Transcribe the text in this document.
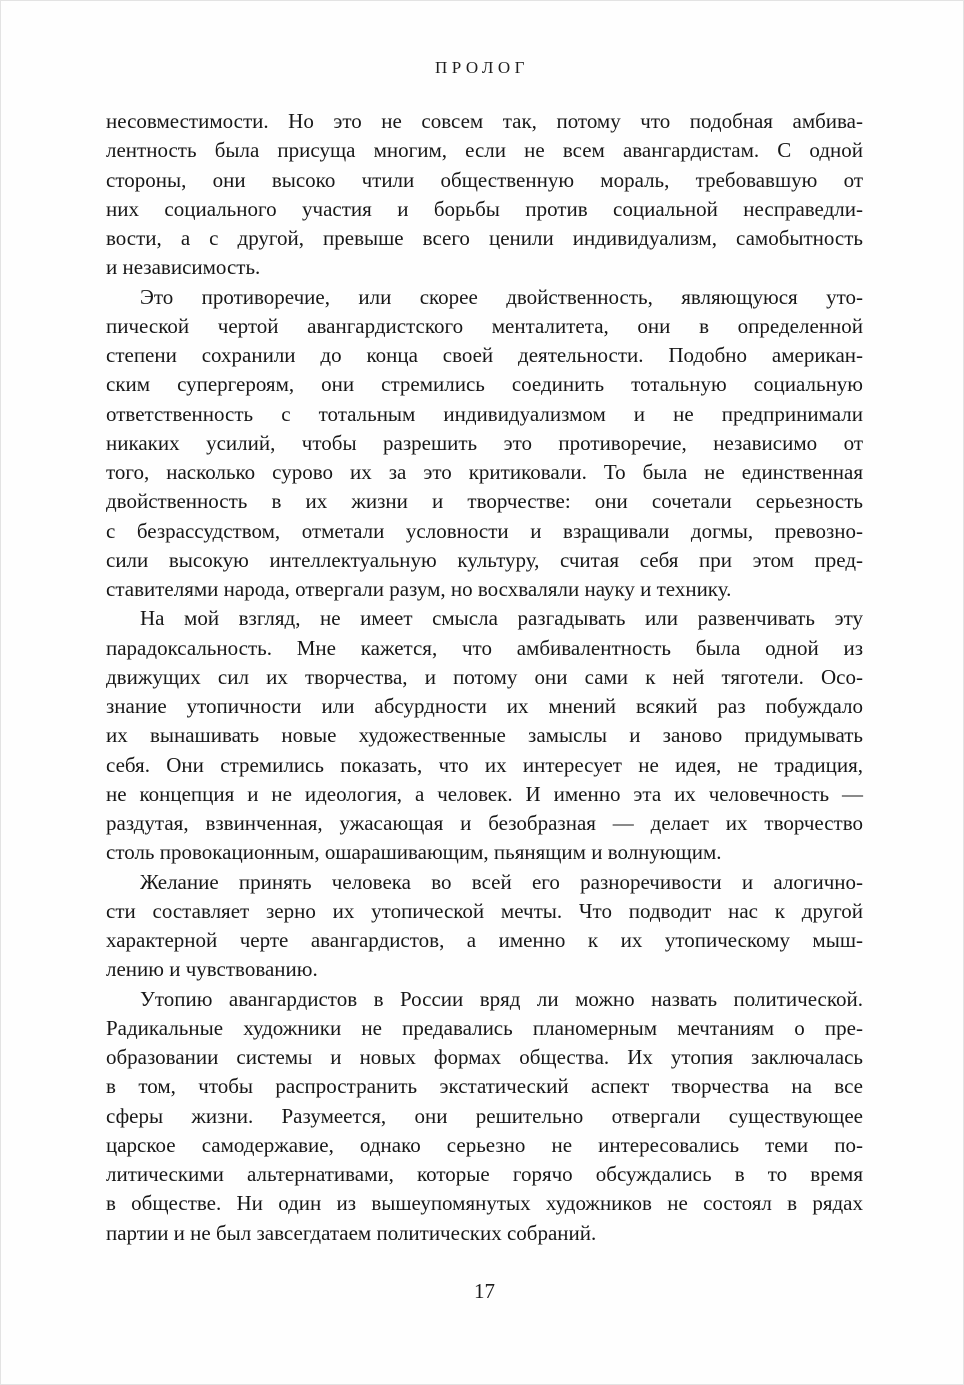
ПРОЛОГ
несовместимости. Но это не совсем так, потому что подобная амбива-
лентность была присуща многим, если не всем авангардистам. С одной
стороны, они высоко чтили общественную мораль, требовавшую от
них социального участия и борьбы против социальной несправедли-
вости, а с другой, превыше всего ценили индивидуализм, самобытность
и независимость.
Это противоречие, или скорее двойственность, являющуюся уто-
пической чертой авангардистского менталитета, они в определенной
степени сохранили до конца своей деятельности. Подобно американ-
ским супергероям, они стремились соединить тотальную социальную
ответственность с тотальным индивидуализмом и не предпринимали
никаких усилий, чтобы разрешить это противоречие, независимо от
того, насколько сурово их за это критиковали. То была не единственная
двойственность в их жизни и творчестве: они сочетали серьезность
с безрассудством, отметали условности и взращивали догмы, превозно-
сили высокую интеллектуальную культуру, считая себя при этом пред-
ставителями народа, отвергали разум, но восхваляли науку и технику.
На мой взгляд, не имеет смысла разгадывать или развенчивать эту
парадоксальность. Мне кажется, что амбивалентность была одной из
движущих сил их творчества, и потому они сами к ней тяготели. Осо-
знание утопичности или абсурдности их мнений всякий раз побуждало
их вынашивать новые художественные замыслы и заново придумывать
себя. Они стремились показать, что их интересует не идея, не традиция,
не концепция и не идеология, а человек. И именно эта их человечность —
раздутая, взвинченная, ужасающая и безобразная — делает их творчество
столь провокационным, ошарашивающим, пьянящим и волнующим.
Желание принять человека во всей его разноречивости и алогично-
сти составляет зерно их утопической мечты. Что подводит нас к другой
характерной черте авангардистов, а именно к их утопическому мыш-
лению и чувствованию.
Утопию авангардистов в России вряд ли можно назвать политической.
Радикальные художники не предавались планомерным мечтаниям о пре-
образовании системы и новых формах общества. Их утопия заключалась
в том, чтобы распространить экстатический аспект творчества на все
сферы жизни. Разумеется, они решительно отвергали существующее
царское самодержавие, однако серьезно не интересовались теми по-
литическими альтернативами, которые горячо обсуждались в то время
в обществе. Ни один из вышеупомянутых художников не состоял в рядах
партии и не был завсегдатаем политических собраний.
17
